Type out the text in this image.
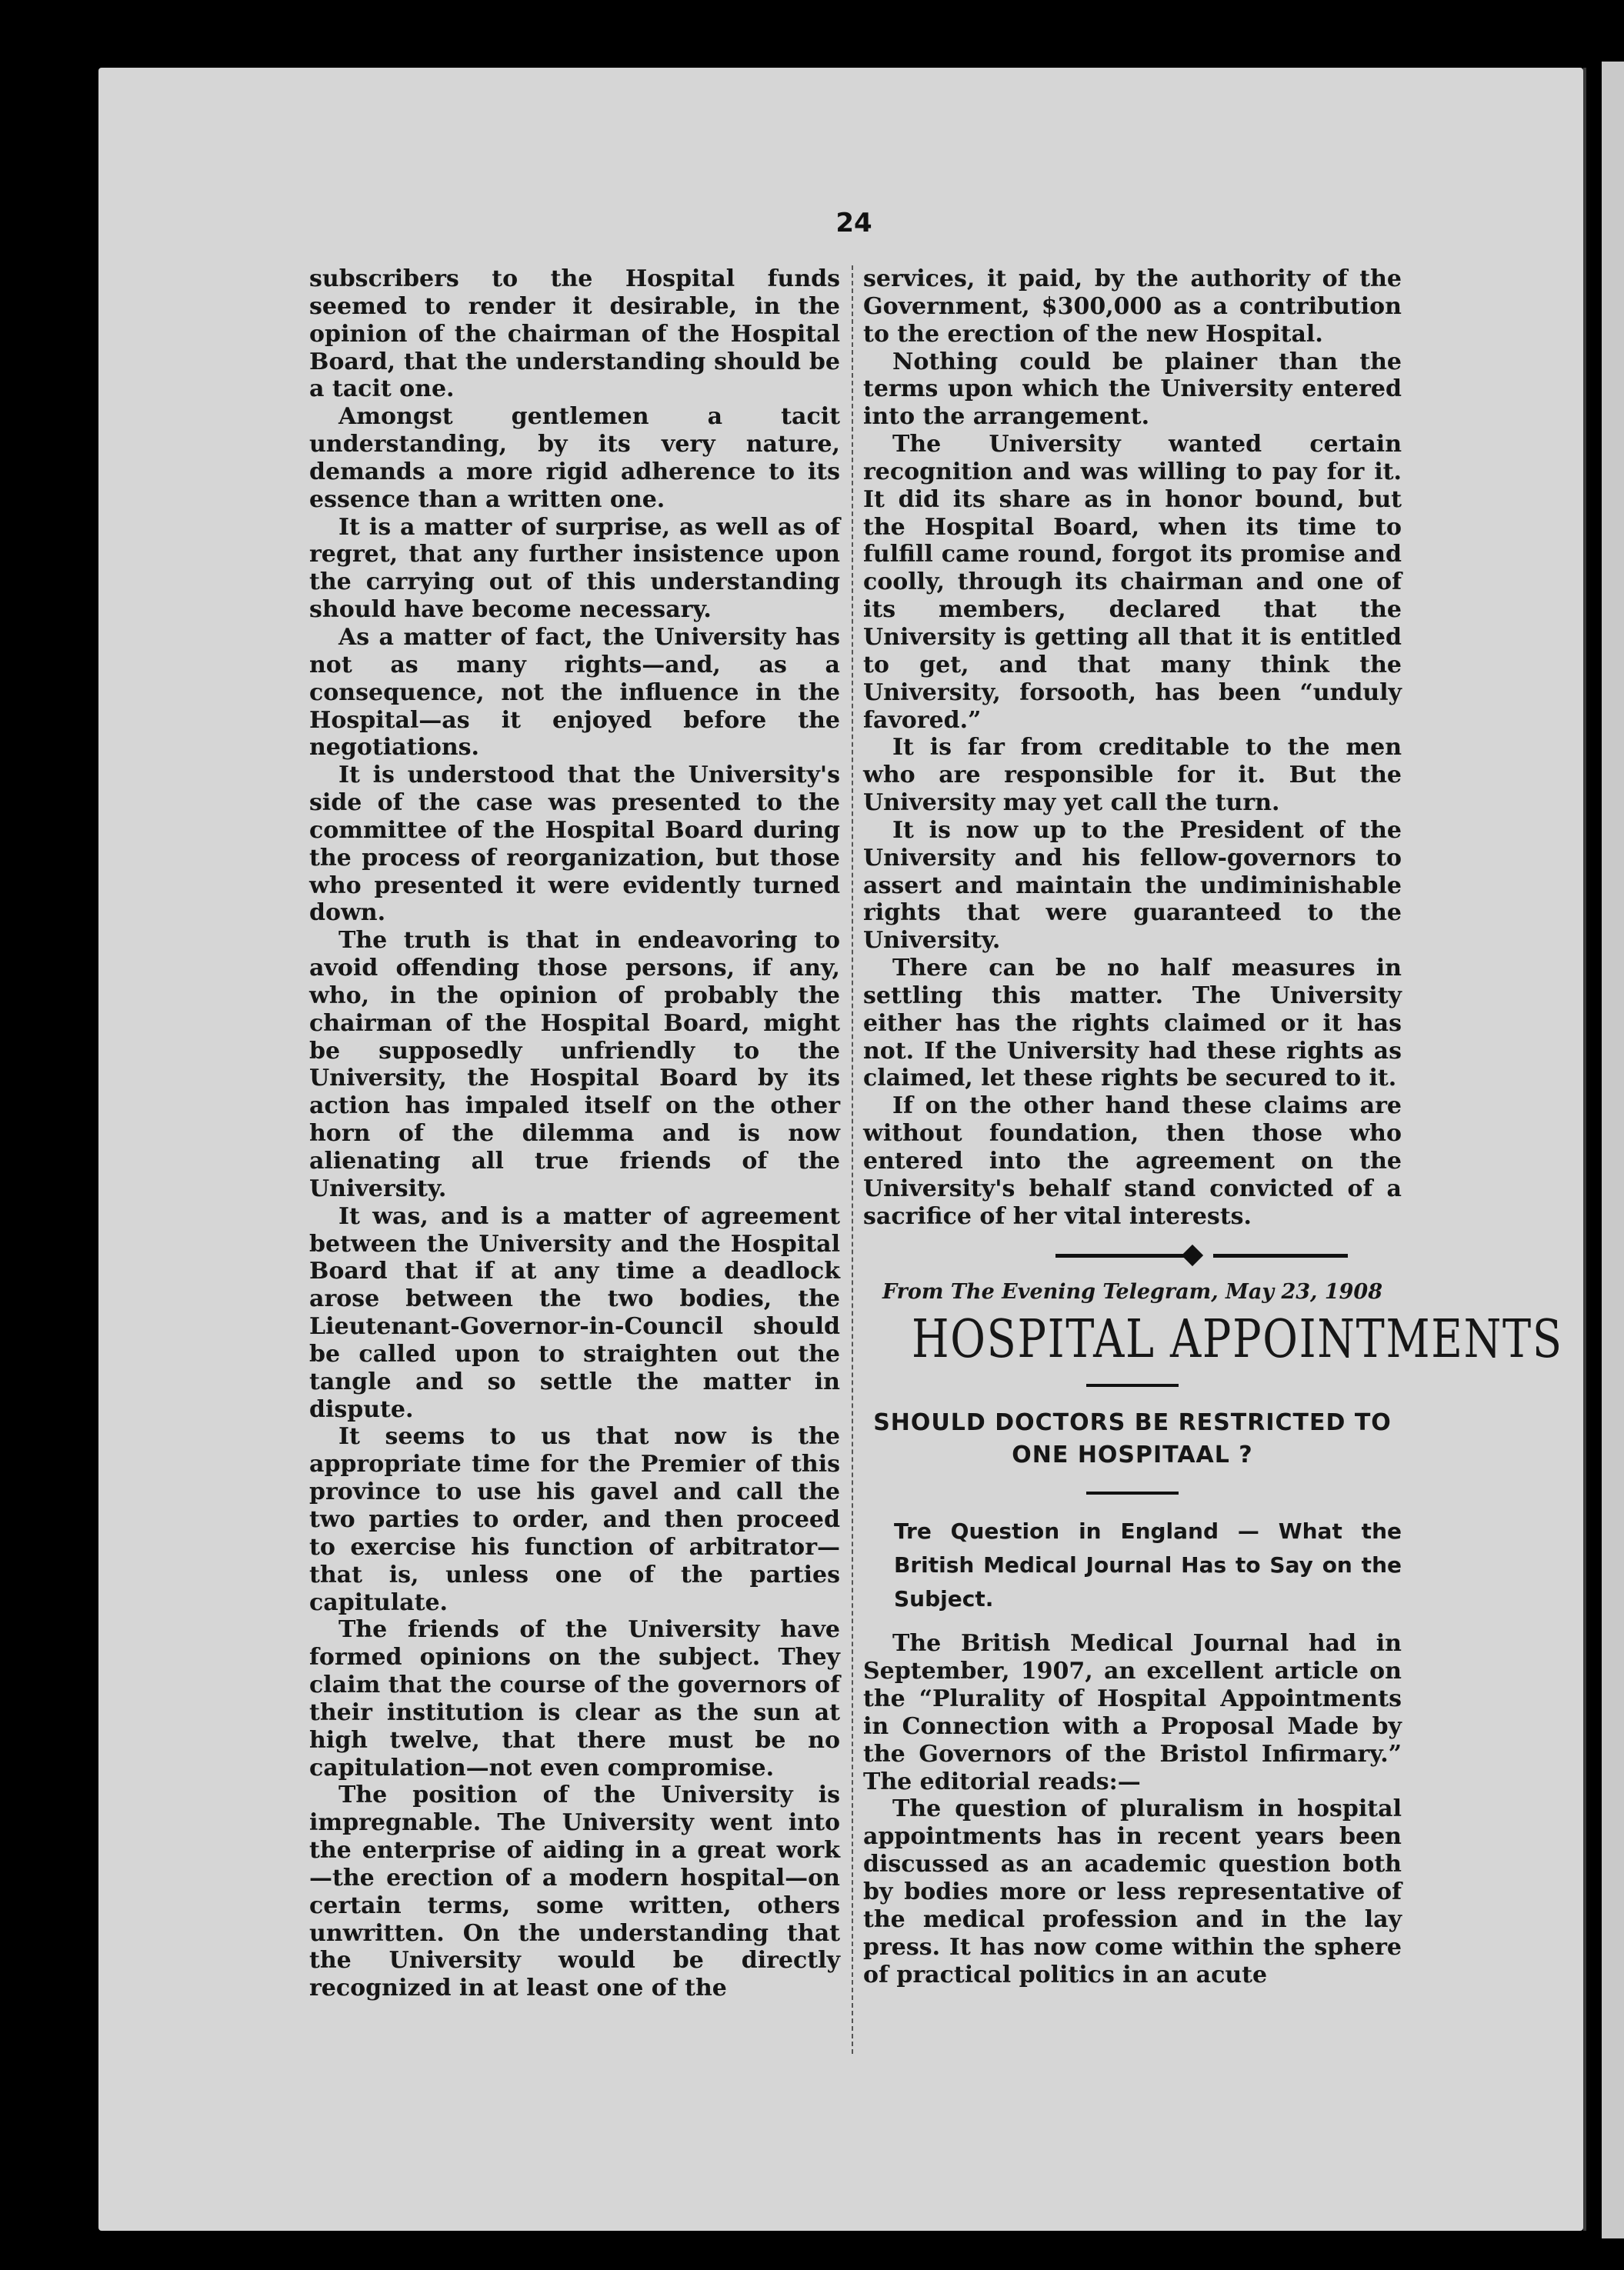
24

subscribers to the Hospital funds seemed to render it desirable, in the opinion of the chairman of the Hospital Board, that the understanding should be a tacit one.

Amongst gentlemen a tacit understanding, by its very nature, demands a more rigid adherence to its essence than a written one.

It is a matter of surprise, as well as of regret, that any further insistence upon the carrying out of this understanding should have become necessary.

As a matter of fact, the University has not as many rights—and, as a consequence, not the influence in the Hospital—as it enjoyed before the negotiations.

It is understood that the University's side of the case was presented to the committee of the Hospital Board during the process of reorganization, but those who presented it were evidently turned down.

The truth is that in endeavoring to avoid offending those persons, if any, who, in the opinion of probably the chairman of the Hospital Board, might be supposedly unfriendly to the University, the Hospital Board by its action has impaled itself on the other horn of the dilemma and is now alienating all true friends of the University.

It was, and is a matter of agreement between the University and the Hospital Board that if at any time a deadlock arose between the two bodies, the Lieutenant-Governor-in-Council should be called upon to straighten out the tangle and so settle the matter in dispute.

It seems to us that now is the appropriate time for the Premier of this province to use his gavel and call the two parties to order, and then proceed to exercise his function of arbitrator—that is, unless one of the parties capitulate.

The friends of the University have formed opinions on the subject. They claim that the course of the governors of their institution is clear as the sun at high twelve, that there must be no capitulation—not even compromise.

The position of the University is impregnable. The University went into the enterprise of aiding in a great work—the erection of a modern hospital—on certain terms, some written, others unwritten. On the understanding that the University would be directly recognized in at least one of the

services, it paid, by the authority of the Government, $300,000 as a contribution to the erection of the new Hospital.

Nothing could be plainer than the terms upon which the University entered into the arrangement.

The University wanted certain recognition and was willing to pay for it. It did its share as in honor bound, but the Hospital Board, when its time to fulfill came round, forgot its promise and coolly, through its chairman and one of its members, declared that the University is getting all that it is entitled to get, and that many think the University, forsooth, has been “unduly favored.”

It is far from creditable to the men who are responsible for it. But the University may yet call the turn.

It is now up to the President of the University and his fellow-governors to assert and maintain the undiminishable rights that were guaranteed to the University.

There can be no half measures in settling this matter. The University either has the rights claimed or it has not. If the University had these rights as claimed, let these rights be secured to it.

If on the other hand these claims are without foundation, then those who entered into the agreement on the University's behalf stand convicted of a sacrifice of her vital interests.

From The Evening Telegram, May 23, 1908
HOSPITAL APPOINTMENTS

SHOULD DOCTORS BE RESTRICTED TO ONE HOSPITAAL ?

Tre Question in England — What the British Medical Journal Has to Say on the Subject.

The British Medical Journal had in September, 1907, an excellent article on the “Plurality of Hospital Appointments in Connection with a Proposal Made by the Governors of the Bristol Infirmary.” The editorial reads:—

The question of pluralism in hospital appointments has in recent years been discussed as an academic question both by bodies more or less representative of the medical profession and in the lay press. It has now come within the sphere of practical politics in an acute
